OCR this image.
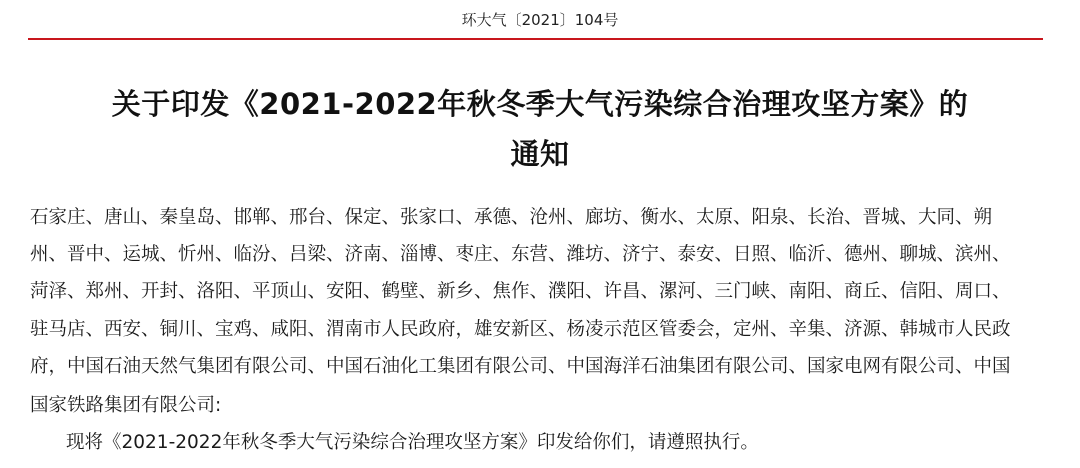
环大气〔2021〕104号
关于印发《2021-2022年秋冬季大气污染综合治理攻坚方案》的
通知
石家庄、唐山、秦皇岛、邯郸、邢台、保定、张家口、承德、沧州、廊坊、衡水、太原、阳泉、长治、晋城、大同、朔
州、晋中、运城、忻州、临汾、吕梁、济南、淄博、枣庄、东营、潍坊、济宁、泰安、日照、临沂、德州、聊城、滨州、
菏泽、郑州、开封、洛阳、平顶山、安阳、鹤壁、新乡、焦作、濮阳、许昌、漯河、三门峡、南阳、商丘、信阳、周口、
驻马店、西安、铜川、宝鸡、咸阳、渭南市人民政府，雄安新区、杨凌示范区管委会，定州、辛集、济源、韩城市人民政
府，中国石油天然气集团有限公司、中国石油化工集团有限公司、中国海洋石油集团有限公司、国家电网有限公司、中国
国家铁路集团有限公司:
现将《2021-2022年秋冬季大气污染综合治理攻坚方案》印发给你们，请遵照执行。
